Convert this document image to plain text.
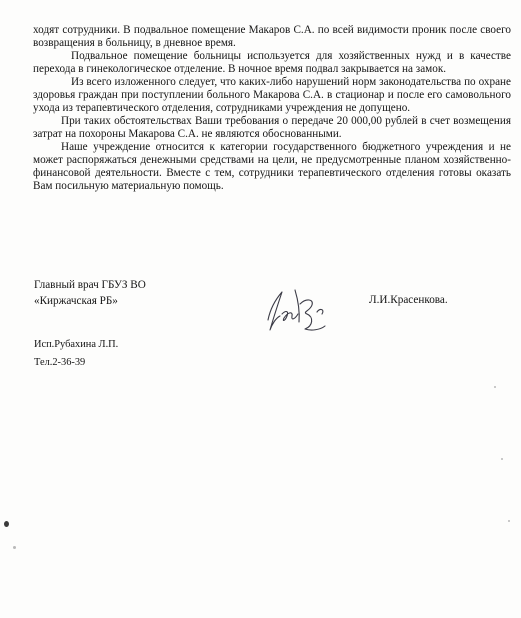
ходят сотрудники. В подвальное помещение Макаров С.А. по всей видимости проник после своего возвращения в больницу, в дневное время.

Подвальное помещение больницы используется для хозяйственных нужд и в качестве перехода в гинекологическое отделение. В ночное время подвал закрывается на замок.

Из всего изложенного следует, что каких-либо нарушений норм законодательства по охране здоровья граждан при поступлении больного Макарова С.А. в стационар и после его самовольного ухода из терапевтического отделения, сотрудниками учреждения не допущено.

При таких обстоятельствах Ваши требования о передаче 20 000,00 рублей в счет возмещения затрат на похороны Макарова С.А. не являются обоснованными.

Наше учреждение относится к категории государственного бюджетного учреждения и не может распоряжаться денежными средствами на цели, не предусмотренные планом хозяйственно-финансовой деятельности. Вместе с тем, сотрудники терапевтического отделения готовы оказать Вам посильную материальную помощь.

Главный врач ГБУЗ ВО
«Киржачская РБ»	Л.И.Красенкова.
Исп.Рубахина Л.П.
Тел.2-36-39
